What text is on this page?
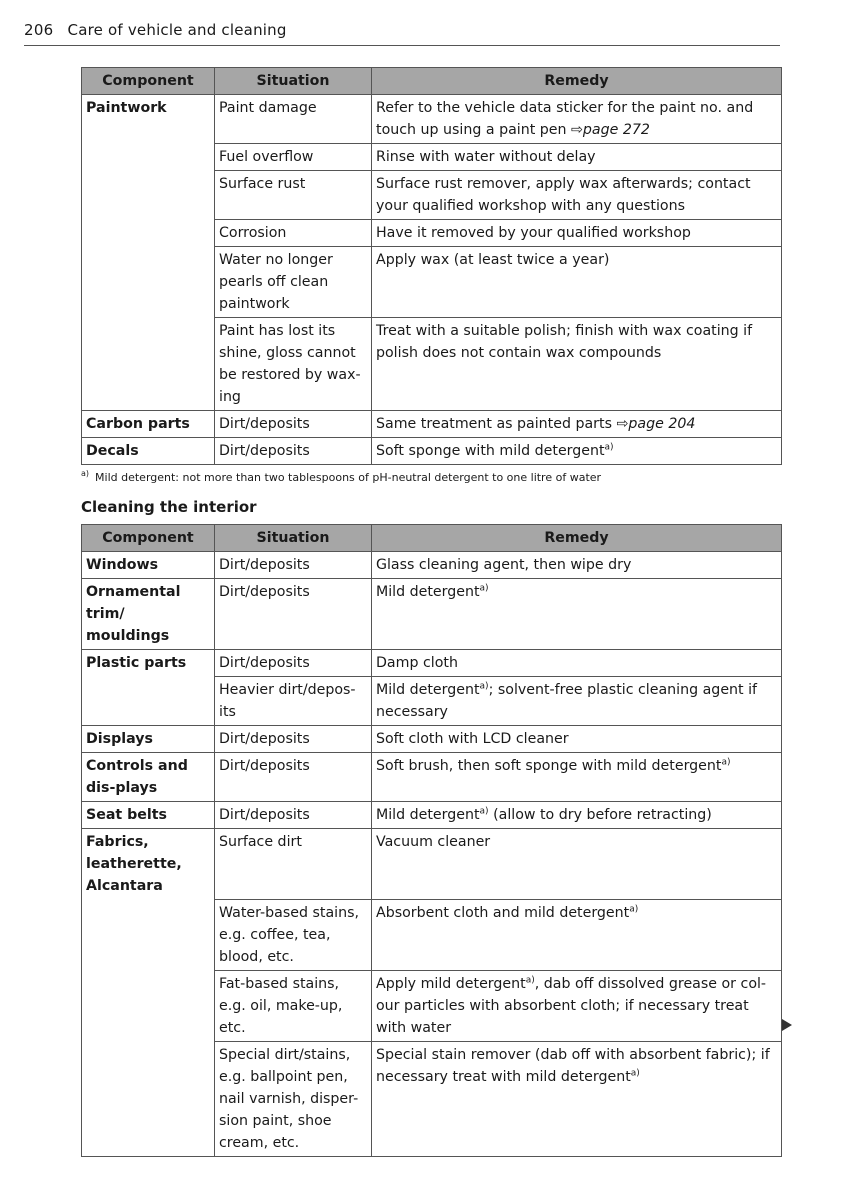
206 Care of vehicle and cleaning
Component	Situation	Remedy
Paintwork	Paint damage	Refer to the vehicle data sticker for the paint no. and touch up using a paint pen ⇨page 272
	Fuel overflow	Rinse with water without delay
	Surface rust	Surface rust remover, apply wax afterwards; contact your qualified workshop with any questions
	Corrosion	Have it removed by your qualified workshop
	Water no longer pearls off clean paintwork	Apply wax (at least twice a year)
	Paint has lost its shine, gloss cannot be restored by wax-ing	Treat with a suitable polish; finish with wax coating if polish does not contain wax compounds
Carbon parts	Dirt/deposits	Same treatment as painted parts ⇨page 204
Decals	Dirt/deposits	Soft sponge with mild detergent$^{a)}$
$^{a)}$ Mild detergent: not more than two tablespoons of pH-neutral detergent to one litre of water
Cleaning the interior
Component	Situation	Remedy
Windows	Dirt/deposits	Glass cleaning agent, then wipe dry
Ornamental trim/ mouldings	Dirt/deposits	Mild detergent$^{a)}$
Plastic parts	Dirt/deposits	Damp cloth
	Heavier dirt/depos-its	Mild detergent$^{a)}$; solvent-free plastic cleaning agent if necessary
Displays	Dirt/deposits	Soft cloth with LCD cleaner
Controls and dis-plays	Dirt/deposits	Soft brush, then soft sponge with mild detergent$^{a)}$
Seat belts	Dirt/deposits	Mild detergent$^{a)}$ (allow to dry before retracting)
Fabrics, leatherette, Alcantara	Surface dirt	Vacuum cleaner
	Water-based stains, e.g. coffee, tea, blood, etc.	Absorbent cloth and mild detergent$^{a)}$
	Fat-based stains, e.g. oil, make-up, etc.	Apply mild detergent$^{a)}$, dab off dissolved grease or col-our particles with absorbent cloth; if necessary treat with water
	Special dirt/stains, e.g. ballpoint pen, nail varnish, disper-sion paint, shoe cream, etc.	Special stain remover (dab off with absorbent fabric); if necessary treat with mild detergent$^{a)}$
